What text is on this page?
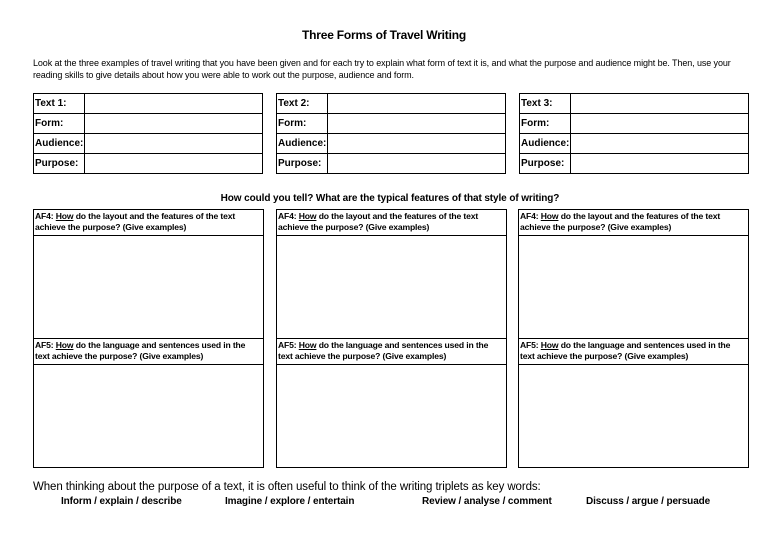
Three Forms of Travel Writing
Look at the three examples of travel writing that you have been given and for each try to explain what form of text it is, and what the purpose and audience might be. Then, use your reading skills to give details about how you were able to work out the purpose, audience and form.
Text 1:	
Form:	
Audience:	
Purpose:	
Text 2:	
Form:	
Audience:	
Purpose:	
Text 3:	
Form:	
Audience:	
Purpose:	
How could you tell? What are the typical features of that style of writing?
AF4: How do the layout and the features of the text achieve the purpose? (Give examples)
AF5: How do the language and sentences used in the text achieve the purpose? (Give examples)
AF4: How do the layout and the features of the text achieve the purpose? (Give examples)
AF5: How do the language and sentences used in the text achieve the purpose? (Give examples)
AF4: How do the layout and the features of the text achieve the purpose? (Give examples)
AF5: How do the language and sentences used in the text achieve the purpose? (Give examples)
When thinking about the purpose of a text, it is often useful to think of the writing triplets as key words:
Inform / explain / describe	Imagine / explore / entertain	Review / analyse / comment	Discuss / argue / persuade
